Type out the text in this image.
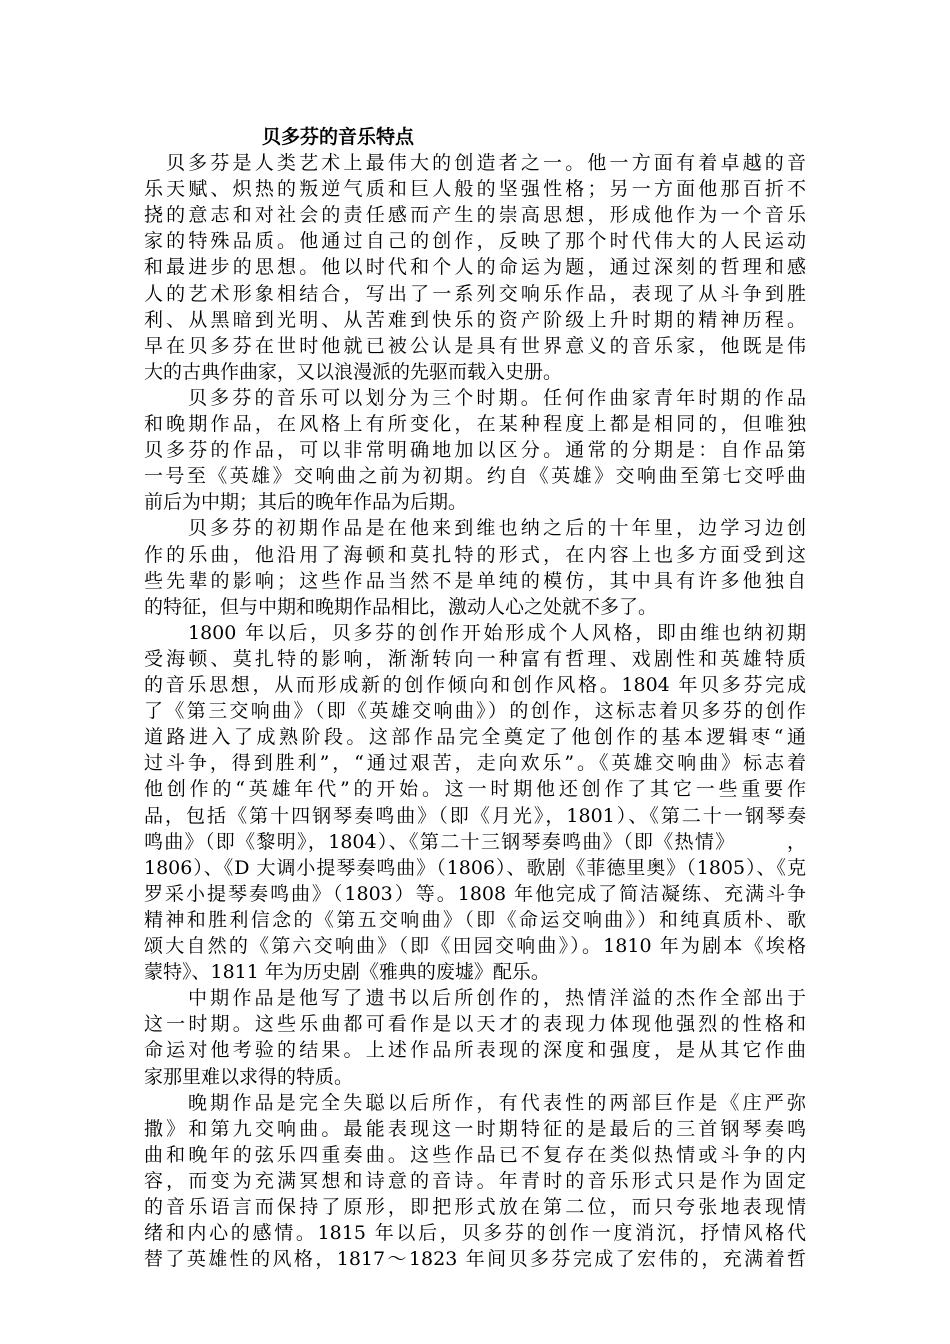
贝多芬的音乐特点

贝多芬是人类艺术上最伟大的创造者之一。他一方面有着卓越的音

乐天赋、炽热的叛逆气质和巨人般的坚强性格；另一方面他那百折不

挠的意志和对社会的责任感而产生的崇高思想，形成他作为一个音乐

家的特殊品质。他通过自己的创作，反映了那个时代伟大的人民运动

和最进步的思想。他以时代和个人的命运为题，通过深刻的哲理和感

人的艺术形象相结合，写出了一系列交响乐作品，表现了从斗争到胜

利、从黑暗到光明、从苦难到快乐的资产阶级上升时期的精神历程。

早在贝多芬在世时他就已被公认是具有世界意义的音乐家，他既是伟

大的古典作曲家，又以浪漫派的先驱而载入史册。

贝多芬的音乐可以划分为三个时期。任何作曲家青年时期的作品

和晚期作品，在风格上有所变化，在某种程度上都是相同的，但唯独

贝多芬的作品，可以非常明确地加以区分。通常的分期是：自作品第

一号至《英雄》交响曲之前为初期。约自《英雄》交响曲至第七交呼曲

前后为中期；其后的晚年作品为后期。

贝多芬的初期作品是在他来到维也纳之后的十年里，边学习边创

作的乐曲，他沿用了海顿和莫扎特的形式，在内容上也多方面受到这

些先辈的影响；这些作品当然不是单纯的模仿，其中具有许多他独自

的特征，但与中期和晚期作品相比，激动人心之处就不多了。

1800 年以后，贝多芬的创作开始形成个人风格，即由维也纳初期

受海顿、莫扎特的影响，渐渐转向一种富有哲理、戏剧性和英雄特质

的音乐思想，从而形成新的创作倾向和创作风格。1804 年贝多芬完成

了《第三交响曲》（即《英雄交响曲》）的创作，这标志着贝多芬的创作

道路进入了成熟阶段。这部作品完全奠定了他创作的基本逻辑枣“通

过斗争，得到胜利”，“通过艰苦，走向欢乐”。《英雄交响曲》标志着

他创作的“英雄年代”的开始。这一时期他还创作了其它一些重要作

品，包括《第十四钢琴奏鸣曲》（即《月光》，1801）、《第二十一钢琴奏

鸣曲》（即《黎明》，1804）、《第二十三钢琴奏鸣曲》（即《热情》　　　，

1806）、《D 大调小提琴奏鸣曲》（1806）、歌剧《菲德里奥》（1805）、《克

罗采小提琴奏鸣曲》（1803）等。1808 年他完成了简洁凝练、充满斗争

精神和胜利信念的《第五交响曲》（即《命运交响曲》）和纯真质朴、歌

颂大自然的《第六交响曲》（即《田园交响曲》）。1810 年为剧本《埃格

蒙特》、1811 年为历史剧《雅典的废墟》配乐。

中期作品是他写了遗书以后所创作的，热情洋溢的杰作全部出于

这一时期。这些乐曲都可看作是以天才的表现力体现他强烈的性格和

命运对他考验的结果。上述作品所表现的深度和强度，是从其它作曲

家那里难以求得的特质。

晚期作品是完全失聪以后所作，有代表性的两部巨作是《庄严弥

撒》和第九交响曲。最能表现这一时期特征的是最后的三首钢琴奏鸣

曲和晚年的弦乐四重奏曲。这些作品已不复存在类似热情或斗争的内

容，而变为充满冥想和诗意的音诗。年青时的音乐形式只是作为固定

的音乐语言而保持了原形，即把形式放在第二位，而只夸张地表现情

绪和内心的感情。1815 年以后，贝多芬的创作一度消沉，抒情风格代

替了英雄性的风格，1817～1823 年间贝多芬完成了宏伟的，充满着哲
